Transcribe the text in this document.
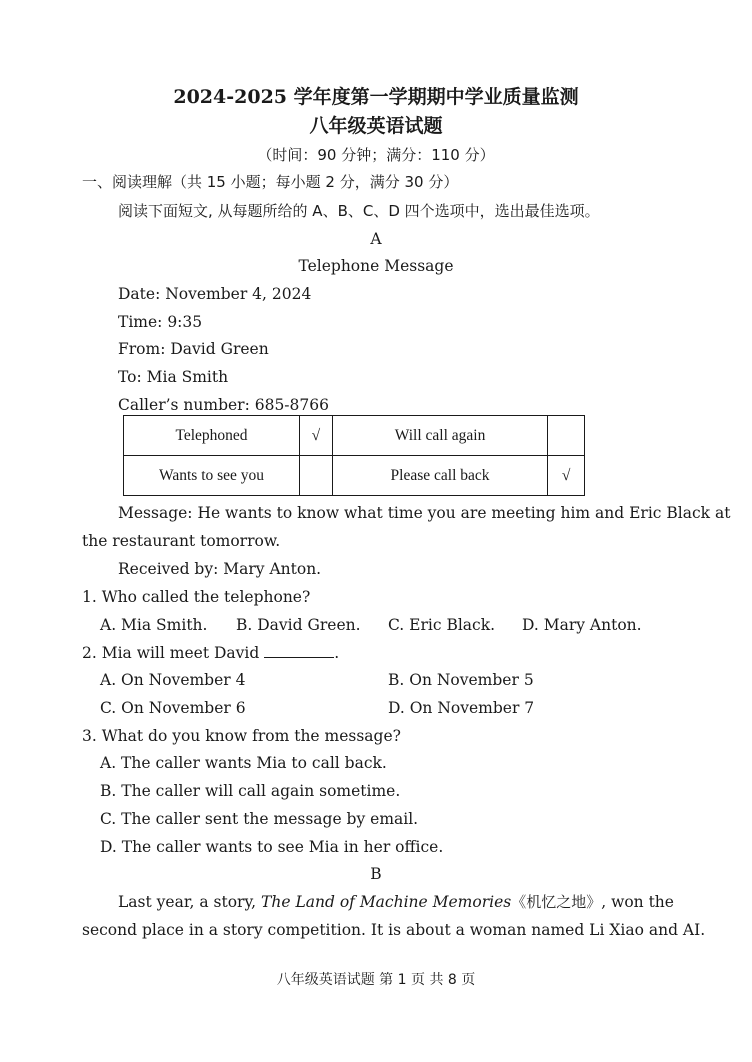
2024-2025 学年度第一学期期中学业质量监测
八年级英语试题
（时间：90 分钟；满分：110 分）
一、阅读理解（共 15 小题；每小题 2 分，满分 30 分）
阅读下面短文, 从每题所给的 A、B、C、D 四个选项中，选出最佳选项。
A
Telephone Message
Date: November 4, 2024
Time: 9:35
From: David Green
To: Mia Smith
Caller’s number: 685-8766
Telephoned	√	Will call again	
Wants to see you		Please call back	√
Message: He wants to know what time you are meeting him and Eric Black at
the restaurant tomorrow.
Received by: Mary Anton.
1. Who called the telephone?
A. Mia Smith. B. David Green. C. Eric Black. D. Mary Anton.
2. Mia will meet David	.
A. On November 4	B. On November 5
C. On November 6	D. On November 7
3. What do you know from the message?
A. The caller wants Mia to call back.
B. The caller will call again sometime.
C. The caller sent the message by email.
D. The caller wants to see Mia in her office.
B
Last year, a story, The Land of Machine Memories《机忆之地》, won the
second place in a story competition. It is about a woman named Li Xiao and AI.
八年级英语试题 第 1 页 共 8 页
